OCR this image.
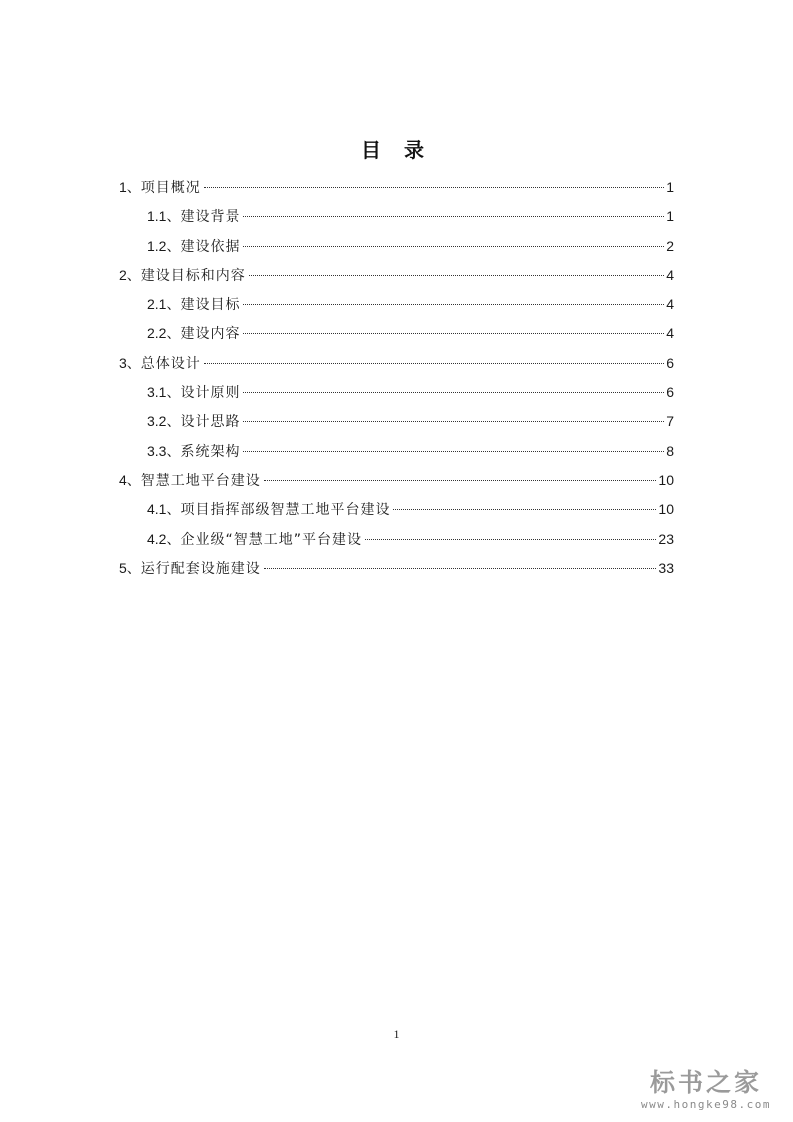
目 录
1、 项目概况	1
1.1、 建设背景	1
1.2、 建设依据	2
2、 建设目标和内容	4
2.1、 建设目标	4
2.2、 建设内容	4
3、 总体设计	6
3.1、 设计原则	6
3.2、 设计思路	7
3.3、 系统架构	8
4、 智慧工地平台建设	10
4.1、 项目指挥部级智慧工地平台建设	10
4.2、 企业级“智慧工地”平台建设	23
5、 运行配套设施建设	33
1
标书之家
www.hongke98.com
